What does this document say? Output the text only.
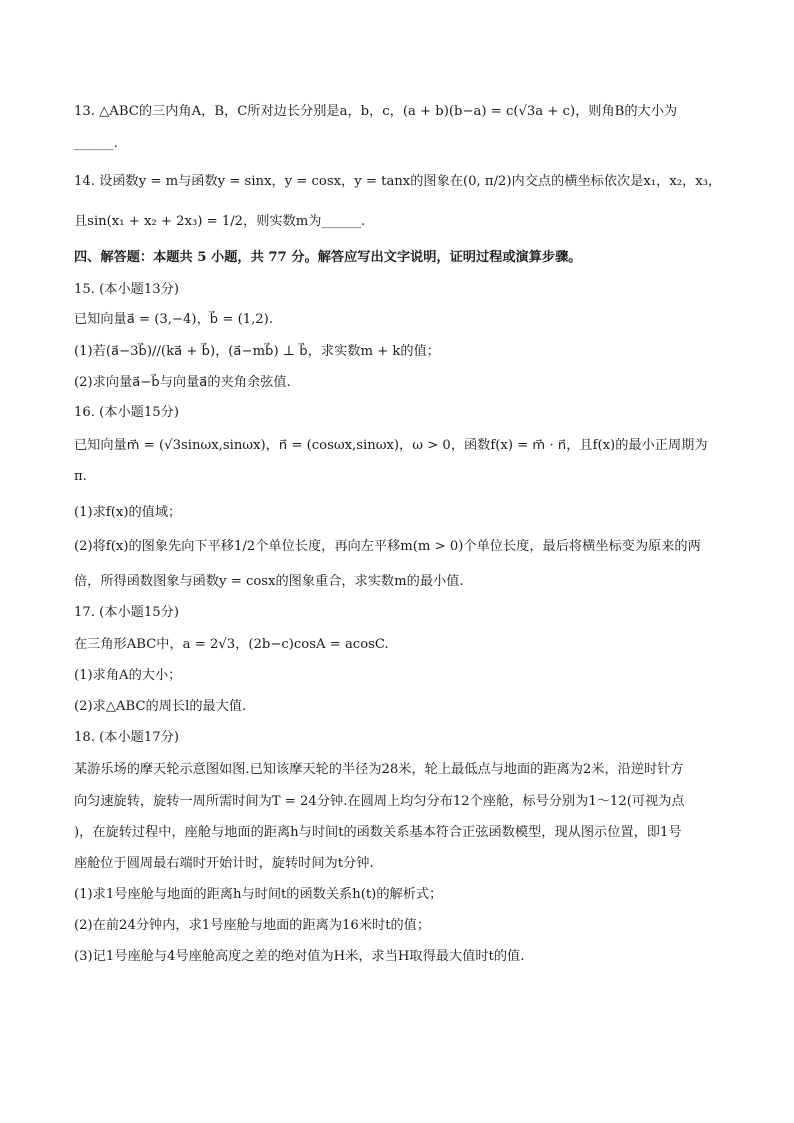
13. △ABC的三内角A，B，C所对边长分别是a，b，c，(a + b)(b−a) = c(√3a + c)，则角B的大小为
______.
14. 设函数y = m与函数y = sinx，y = cosx，y = tanx的图象在(0, π/2)内交点的横坐标依次是x₁，x₂，x₃，
且sin(x₁ + x₂ + 2x₃) = 1/2，则实数m为______.
四、解答题：本题共 5 小题，共 77 分。解答应写出文字说明，证明过程或演算步骤。
15. (本小题13分)
已知向量a⃗ = (3,−4)，b⃗ = (1,2).
(1)若(a⃗−3b⃗)//(ka⃗ + b⃗)，(a⃗−mb⃗) ⊥ b⃗，求实数m + k的值；
(2)求向量a⃗−b⃗与向量a⃗的夹角余弦值.
16. (本小题15分)
已知向量m⃗ = (√3sinωx,sinωx)，n⃗ = (cosωx,sinωx)，ω > 0，函数f(x) = m⃗ · n⃗，且f(x)的最小正周期为
π.
(1)求f(x)的值域；
(2)将f(x)的图象先向下平移1/2个单位长度，再向左平移m(m > 0)个单位长度，最后将横坐标变为原来的两
倍，所得函数图象与函数y = cosx的图象重合，求实数m的最小值.
17. (本小题15分)
在三角形ABC中，a = 2√3，(2b−c)cosA = acosC.
(1)求角A的大小；
(2)求△ABC的周长l的最大值.
18. (本小题17分)
某游乐场的摩天轮示意图如图.已知该摩天轮的半径为28米，轮上最低点与地面的距离为2米，沿逆时针方
向匀速旋转，旋转一周所需时间为T = 24分钟.在圆周上均匀分布12个座舱，标号分别为1～12(可视为点
)，在旋转过程中，座舱与地面的距离h与时间t的函数关系基本符合正弦函数模型，现从图示位置，即1号
座舱位于圆周最右端时开始计时，旋转时间为t分钟.
(1)求1号座舱与地面的距离h与时间t的函数关系h(t)的解析式；
(2)在前24分钟内，求1号座舱与地面的距离为16米时t的值；
(3)记1号座舱与4号座舱高度之差的绝对值为H米，求当H取得最大值时t的值.
